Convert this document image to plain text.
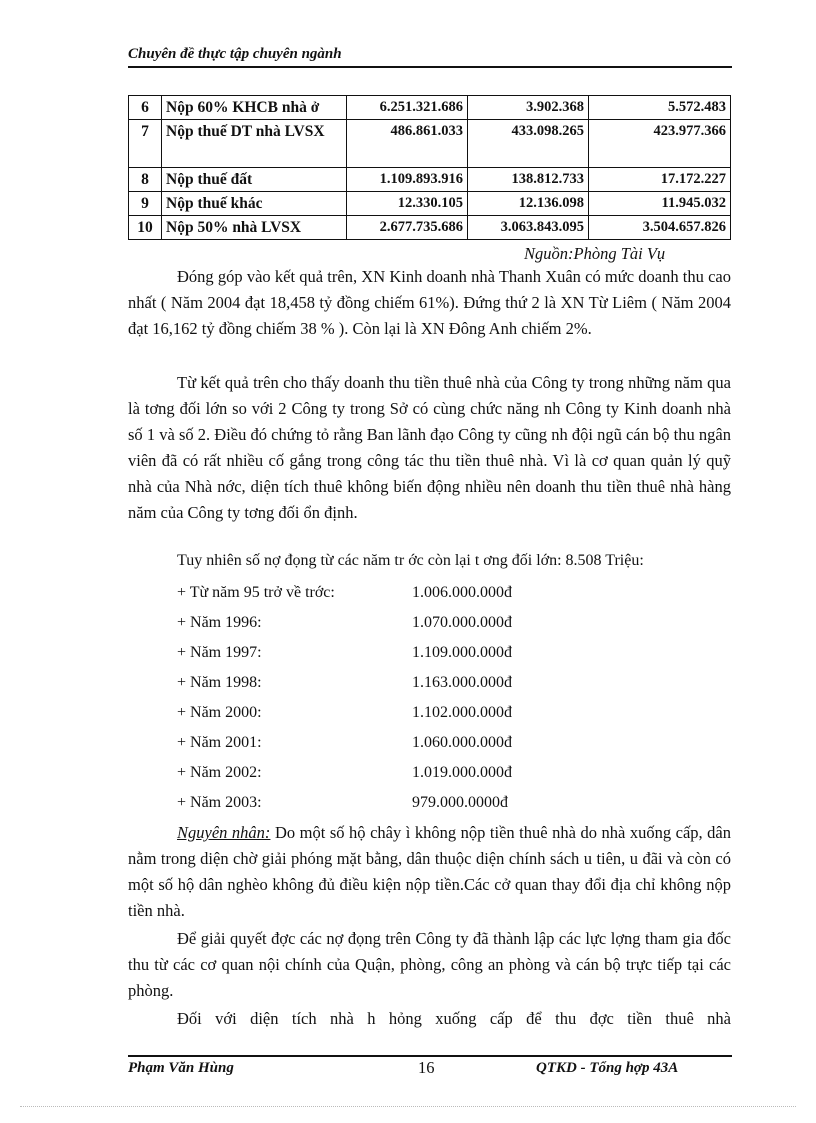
Chuyên đề thực tập chuyên ngành
6	Nộp 60% KHCB nhà ở	6.251.321.686	3.902.368	5.572.483
7	Nộp thuế DT nhà LVSX	486.861.033	433.098.265	423.977.366
8	Nộp thuế đất	1.109.893.916	138.812.733	17.172.227
9	Nộp thuế khác	12.330.105	12.136.098	11.945.032
10	Nộp 50% nhà LVSX	2.677.735.686	3.063.843.095	3.504.657.826
Nguồn:Phòng Tài Vụ
Đóng góp vào kết quả trên, XN Kinh doanh nhà Thanh Xuân có mức doanh thu cao nhất ( Năm 2004 đạt 18,458 tỷ đồng chiếm 61%). Đứng thứ 2 là XN Từ Liêm ( Năm 2004 đạt 16,162 tỷ đồng chiếm 38 % ). Còn lại là XN Đông Anh chiếm 2%.
Từ kết quả trên cho thấy doanh thu tiền thuê nhà của Công ty trong những năm qua là tơng đối lớn so với 2 Công ty trong Sở có cùng chức năng nh Công ty Kinh doanh nhà số 1 và số 2. Điều đó chứng tỏ rằng Ban lãnh đạo Công ty cũng nh đội ngũ cán bộ thu ngân viên đã có rất nhiều cố gắng trong công tác thu tiền thuê nhà. Vì là cơ quan quản lý quỹ nhà của Nhà nớc, diện tích thuê không biến động nhiều nên doanh thu tiền thuê nhà hàng năm của Công ty tơng đối ổn định.
Tuy nhiên số nợ đọng từ các năm tr ớc còn lại t ơng đối lớn: 8.508 Triệu:
+ Từ năm 95 trở về trớc:	1.006.000.000đ
+ Năm 1996:	1.070.000.000đ
+ Năm 1997:	1.109.000.000đ
+ Năm 1998:	1.163.000.000đ
+ Năm 2000:	1.102.000.000đ
+ Năm 2001:	1.060.000.000đ
+ Năm 2002:	1.019.000.000đ
+ Năm 2003:	979.000.0000đ
Nguyên nhân: Do một số hộ chây ì không nộp tiền thuê nhà do nhà xuống cấp, dân nằm trong diện chờ giải phóng mặt bằng, dân thuộc diện chính sách u tiên, u đãi và còn có một số hộ dân nghèo không đủ điều kiện nộp tiền.Các cở quan thay đổi địa chỉ không nộp tiền nhà.
Để giải quyết đợc các nợ đọng trên Công ty đã thành lập các lực lợng tham gia đốc thu từ các cơ quan nội chính của Quận, phòng, công an phòng và cán bộ trực tiếp tại các phòng.
Đối với diện tích nhà h hỏng xuống cấp để thu đợc tiền thuê nhà
Phạm Văn Hùng	16	QTKD - Tổng hợp 43A
